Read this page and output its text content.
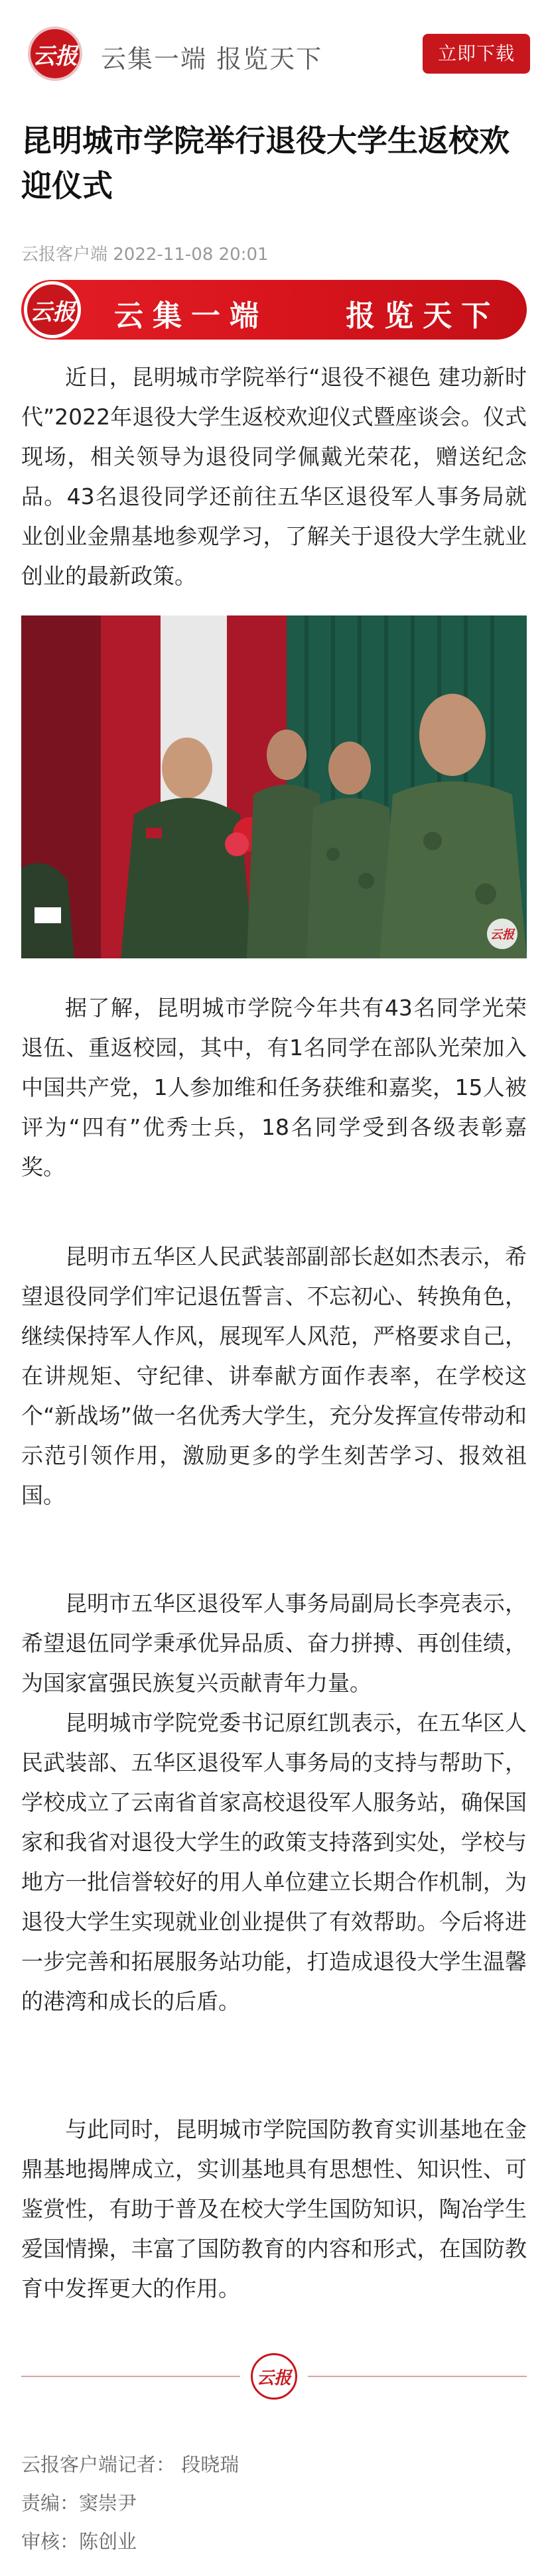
云报 云集一端 报览天下	立即下载
昆明城市学院举行退役大学生返校欢迎仪式
云报客户端 2022-11-08 20:01
云报 云集一端    报览天下

近日，昆明城市学院举行“退役不褪色 建功新时代”2022年退役大学生返校欢迎仪式暨座谈会。仪式现场，相关领导为退役同学佩戴光荣花，赠送纪念品。43名退役同学还前往五华区退役军人事务局就业创业金鼎基地参观学习，了解关于退役大学生就业创业的最新政策。

云报

据了解，昆明城市学院今年共有43名同学光荣退伍、重返校园，其中，有1名同学在部队光荣加入中国共产党，1人参加维和任务获维和嘉奖，15人被评为“四有”优秀士兵，18名同学受到各级表彰嘉奖。

昆明市五华区人民武装部副部长赵如杰表示，希望退役同学们牢记退伍誓言、不忘初心、转换角色，继续保持军人作风，展现军人风范，严格要求自己，在讲规矩、守纪律、讲奉献方面作表率，在学校这个“新战场”做一名优秀大学生，充分发挥宣传带动和示范引领作用，激励更多的学生刻苦学习、报效祖国。

昆明市五华区退役军人事务局副局长李亮表示，希望退伍同学秉承优异品质、奋力拼搏、再创佳绩，为国家富强民族复兴贡献青年力量。

昆明城市学院党委书记原红凯表示，在五华区人民武装部、五华区退役军人事务局的支持与帮助下，学校成立了云南省首家高校退役军人服务站，确保国家和我省对退役大学生的政策支持落到实处，学校与地方一批信誉较好的用人单位建立长期合作机制，为退役大学生实现就业创业提供了有效帮助。今后将进一步完善和拓展服务站功能，打造成退役大学生温馨的港湾和成长的后盾。

与此同时，昆明城市学院国防教育实训基地在金鼎基地揭牌成立，实训基地具有思想性、知识性、可鉴赏性，有助于普及在校大学生国防知识，陶冶学生爱国情操，丰富了国防教育的内容和形式，在国防教育中发挥更大的作用。

云报
云报客户端记者： 段晓瑞
责编：窦崇尹
审核：陈创业
